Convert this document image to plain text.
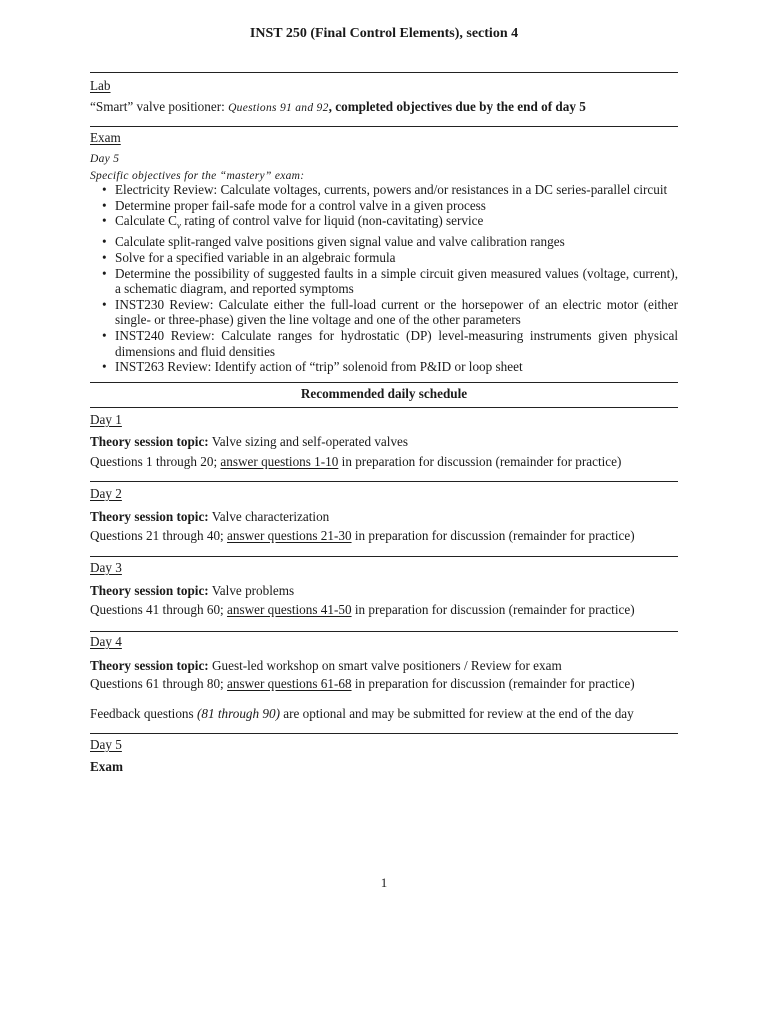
INST 250 (Final Control Elements), section 4
Lab
“Smart” valve positioner: Questions 91 and 92, completed objectives due by the end of day 5
Exam
Day 5
Specific objectives for the “mastery” exam:
• Electricity Review: Calculate voltages, currents, powers and/or resistances in a DC series-parallel circuit
• Determine proper fail-safe mode for a control valve in a given process
• Calculate $C_v$ rating of control valve for liquid (non-cavitating) service
• Calculate split-ranged valve positions given signal value and valve calibration ranges
• Solve for a specified variable in an algebraic formula
• Determine the possibility of suggested faults in a simple circuit given measured values (voltage, current), a schematic diagram, and reported symptoms
• INST230 Review: Calculate either the full-load current or the horsepower of an electric motor (either single- or three-phase) given the line voltage and one of the other parameters
• INST240 Review: Calculate ranges for hydrostatic (DP) level-measuring instruments given physical dimensions and fluid densities
• INST263 Review: Identify action of “trip” solenoid from P&ID or loop sheet
Recommended daily schedule
Day 1
Theory session topic: Valve sizing and self-operated valves
Questions 1 through 20; answer questions 1-10 in preparation for discussion (remainder for practice)
Day 2
Theory session topic: Valve characterization
Questions 21 through 40; answer questions 21-30 in preparation for discussion (remainder for practice)
Day 3
Theory session topic: Valve problems
Questions 41 through 60; answer questions 41-50 in preparation for discussion (remainder for practice)
Day 4
Theory session topic: Guest-led workshop on smart valve positioners / Review for exam
Questions 61 through 80; answer questions 61-68 in preparation for discussion (remainder for practice)
Feedback questions (81 through 90) are optional and may be submitted for review at the end of the day
Day 5
Exam
1
